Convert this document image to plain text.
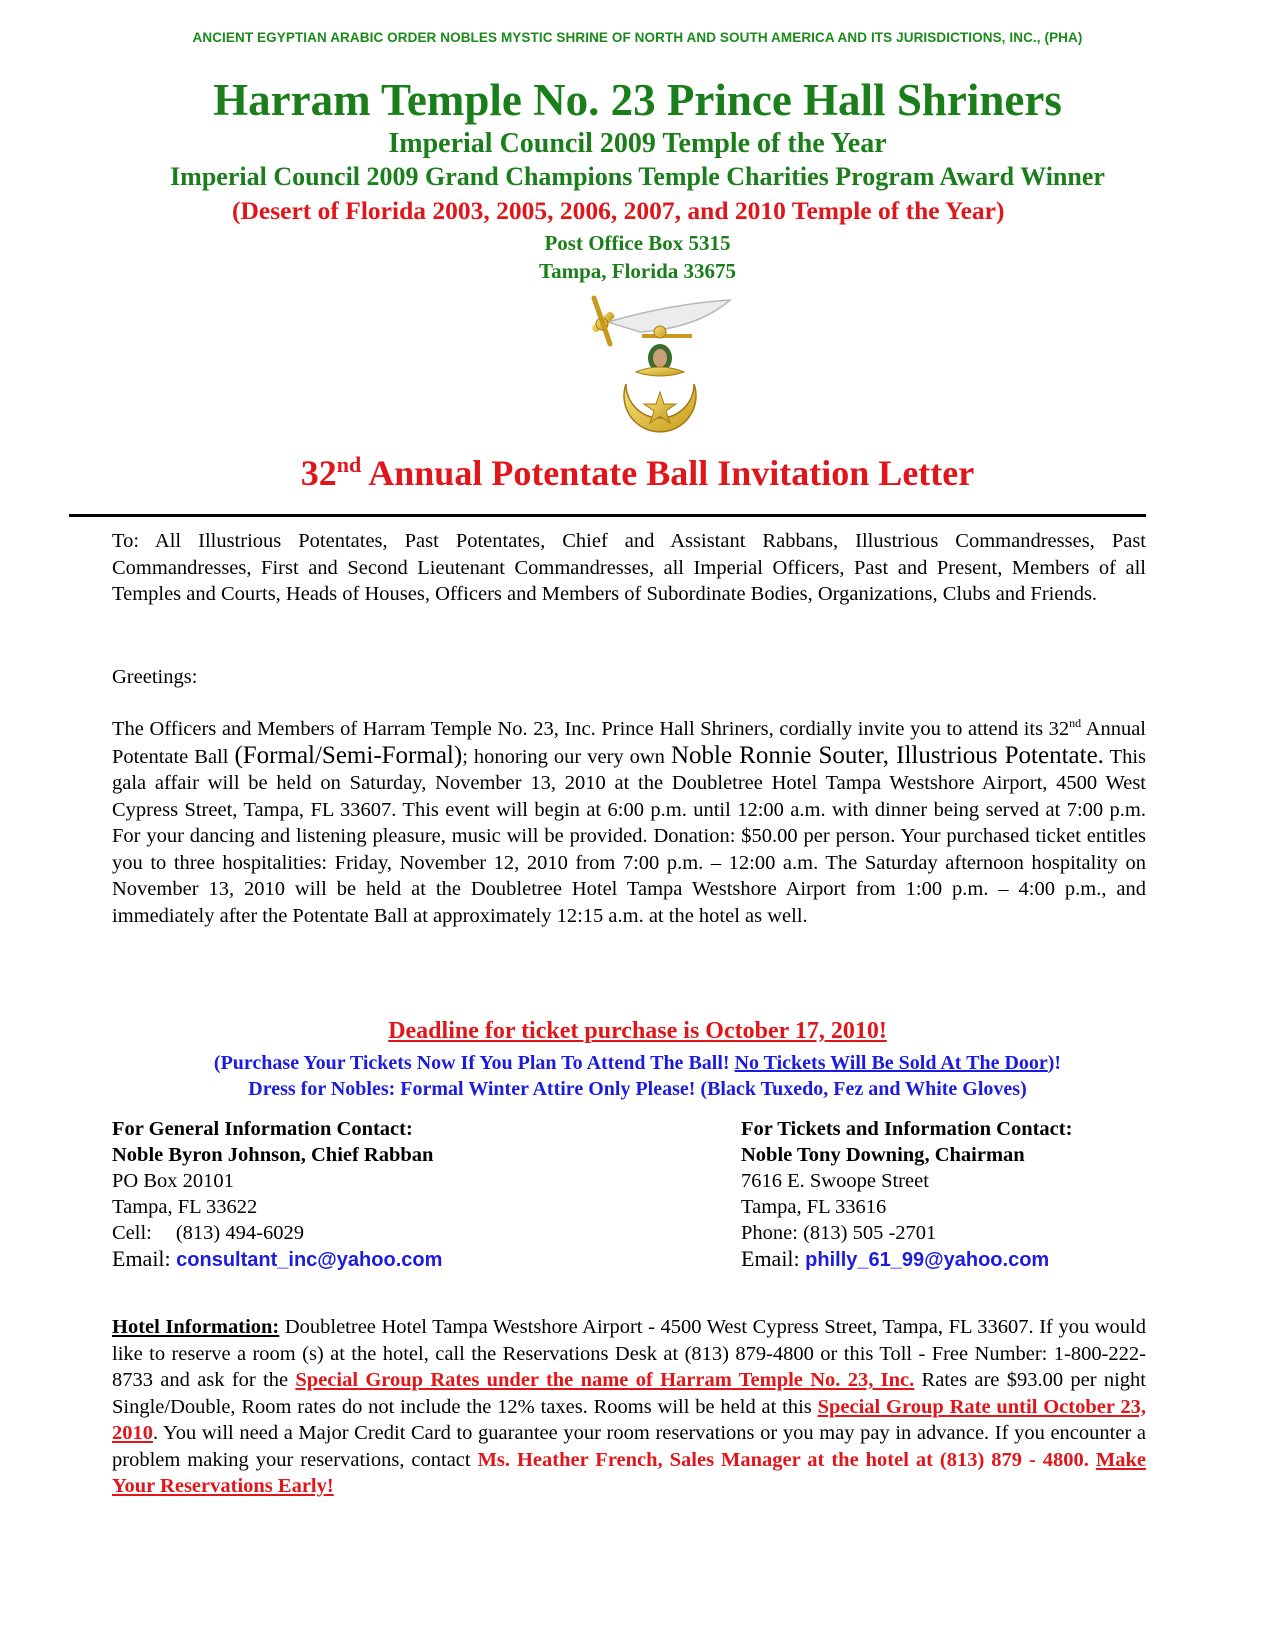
ANCIENT EGYPTIAN ARABIC ORDER NOBLES MYSTIC SHRINE OF NORTH AND SOUTH AMERICA AND ITS JURISDICTIONS, INC., (PHA)
Harram Temple No. 23 Prince Hall Shriners
Imperial Council 2009 Temple of the Year
Imperial Council 2009 Grand Champions Temple Charities Program Award Winner
(Desert of Florida 2003, 2005, 2006, 2007, and 2010 Temple of the Year)
Post Office Box 5315
Tampa, Florida 33675
32nd Annual Potentate Ball Invitation Letter
To: All Illustrious Potentates, Past Potentates, Chief and Assistant Rabbans, Illustrious Commandresses, Past Commandresses, First and Second Lieutenant Commandresses, all Imperial Officers, Past and Present, Members of all Temples and Courts, Heads of Houses, Officers and Members of Subordinate Bodies, Organizations, Clubs and Friends.
Greetings:
The Officers and Members of Harram Temple No. 23, Inc. Prince Hall Shriners, cordially invite you to attend its 32nd Annual Potentate Ball (Formal/Semi-Formal); honoring our very own Noble Ronnie Souter, Illustrious Potentate. This gala affair will be held on Saturday, November 13, 2010 at the Doubletree Hotel Tampa Westshore Airport, 4500 West Cypress Street, Tampa, FL 33607. This event will begin at 6:00 p.m. until 12:00 a.m. with dinner being served at 7:00 p.m. For your dancing and listening pleasure, music will be provided. Donation: $50.00 per person. Your purchased ticket entitles you to three hospitalities: Friday, November 12, 2010 from 7:00 p.m. – 12:00 a.m. The Saturday afternoon hospitality on November 13, 2010 will be held at the Doubletree Hotel Tampa Westshore Airport from 1:00 p.m. – 4:00 p.m., and immediately after the Potentate Ball at approximately 12:15 a.m. at the hotel as well.
Deadline for ticket purchase is October 17, 2010!
(Purchase Your Tickets Now If You Plan To Attend The Ball! No Tickets Will Be Sold At The Door)!
Dress for Nobles: Formal Winter Attire Only Please! (Black Tuxedo, Fez and White Gloves)
For General Information Contact:
Noble Byron Johnson, Chief Rabban
PO Box 20101
Tampa, FL 33622
Cell: (813) 494-6029
Email: consultant_inc@yahoo.com
For Tickets and Information Contact:
Noble Tony Downing, Chairman
7616 E. Swoope Street
Tampa, FL 33616
Phone: (813) 505 -2701
Email: philly_61_99@yahoo.com
Hotel Information: Doubletree Hotel Tampa Westshore Airport - 4500 West Cypress Street, Tampa, FL 33607. If you would like to reserve a room (s) at the hotel, call the Reservations Desk at (813) 879-4800 or this Toll - Free Number: 1-800-222-8733 and ask for the Special Group Rates under the name of Harram Temple No. 23, Inc. Rates are $93.00 per night Single/Double, Room rates do not include the 12% taxes. Rooms will be held at this Special Group Rate until October 23, 2010. You will need a Major Credit Card to guarantee your room reservations or you may pay in advance. If you encounter a problem making your reservations, contact Ms. Heather French, Sales Manager at the hotel at (813) 879 - 4800. Make Your Reservations Early!
